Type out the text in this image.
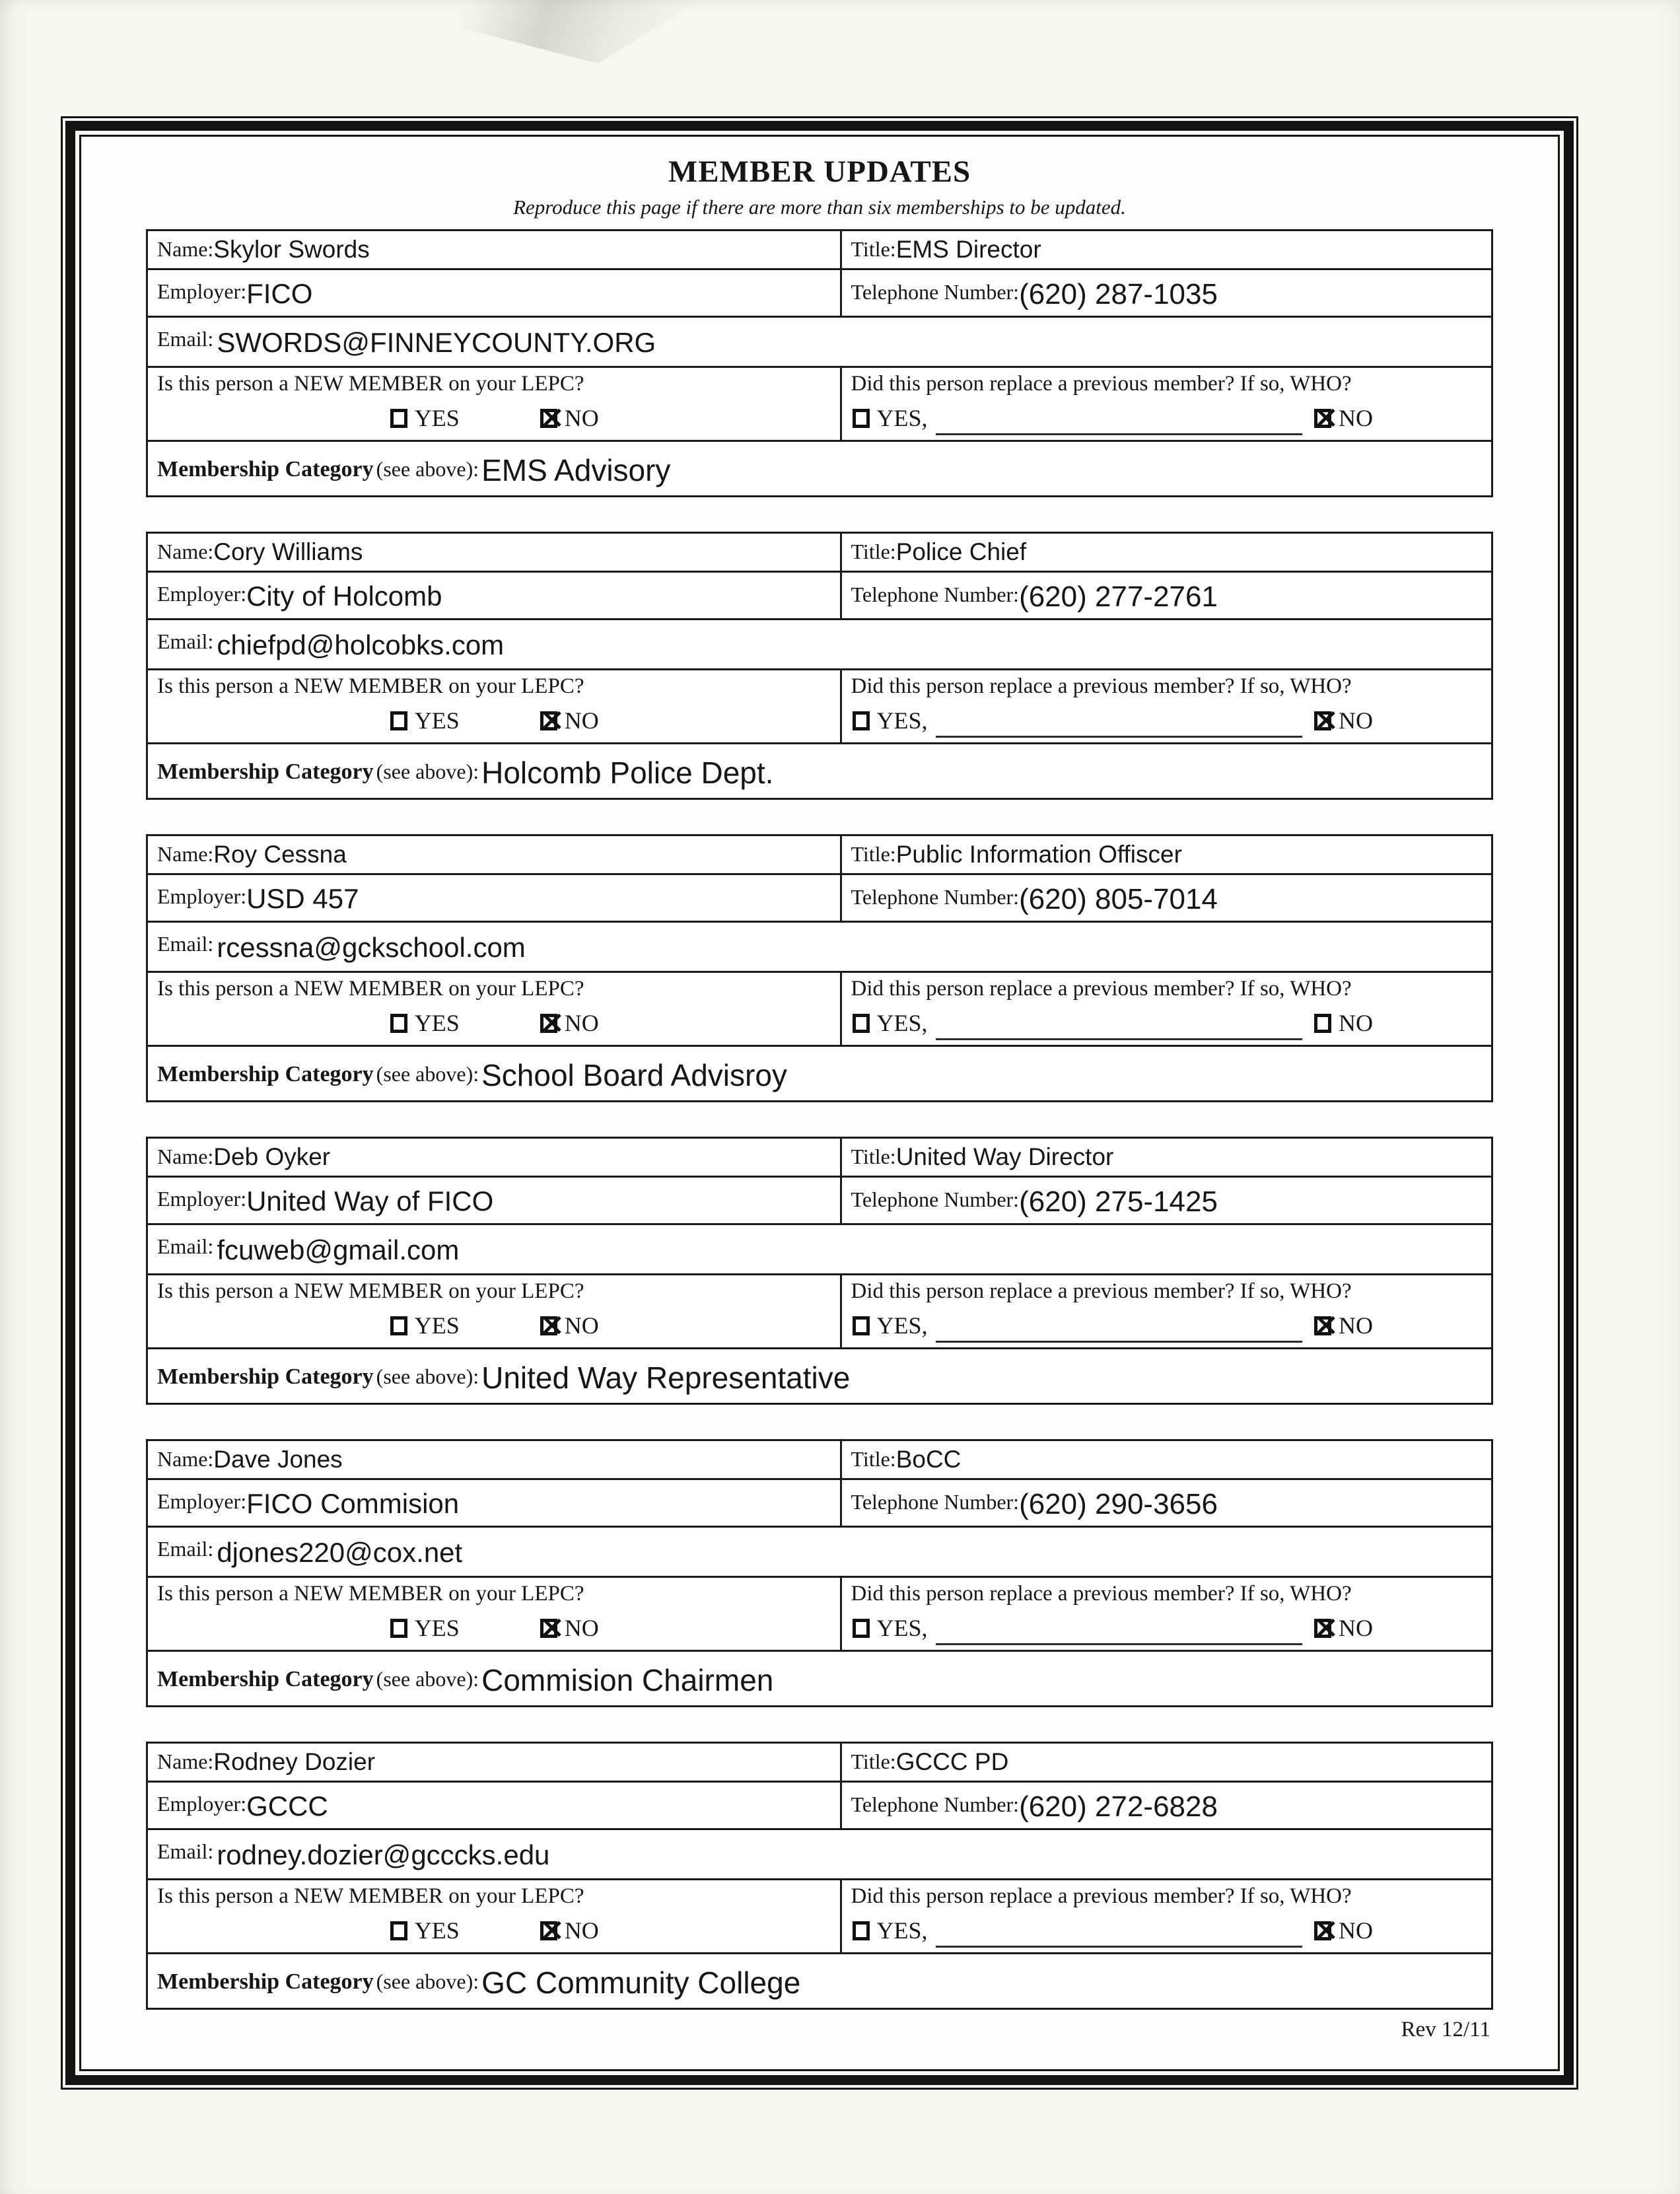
MEMBER UPDATES
Reproduce this page if there are more than six memberships to be updated.
Name:Skylor Swords	Title:EMS Director
Employer:FICO	Telephone Number:(620) 287-1035
Email: SWORDS@FINNEYCOUNTY.ORG
Is this person a NEW MEMBER on your LEPC?
YES	NO
Did this person replace a previous member? If so, WHO?
YES,	NO
Membership Category (see above):EMS Advisory
Name:Cory Williams	Title:Police Chief
Employer:City of Holcomb	Telephone Number:(620) 277-2761
Email: chiefpd@holcobks.com
Is this person a NEW MEMBER on your LEPC?
YES	NO
Did this person replace a previous member? If so, WHO?
YES,	NO
Membership Category (see above):Holcomb Police Dept.
Name:Roy Cessna	Title:Public Information Offiscer
Employer:USD 457	Telephone Number:(620) 805-7014
Email: rcessna@gckschool.com
Is this person a NEW MEMBER on your LEPC?
YES	NO
Did this person replace a previous member? If so, WHO?
YES,	NO
Membership Category (see above):School Board Advisroy
Name:Deb Oyker	Title:United Way Director
Employer:United Way of FICO	Telephone Number:(620) 275-1425
Email: fcuweb@gmail.com
Is this person a NEW MEMBER on your LEPC?
YES	NO
Did this person replace a previous member? If so, WHO?
YES,	NO
Membership Category (see above):United Way Representative
Name:Dave Jones	Title:BoCC
Employer:FICO Commision	Telephone Number:(620) 290-3656
Email: djones220@cox.net
Is this person a NEW MEMBER on your LEPC?
YES	NO
Did this person replace a previous member? If so, WHO?
YES,	NO
Membership Category (see above):Commision Chairmen
Name:Rodney Dozier	Title:GCCC PD
Employer:GCCC	Telephone Number:(620) 272-6828
Email: rodney.dozier@gcccks.edu
Is this person a NEW MEMBER on your LEPC?
YES	NO
Did this person replace a previous member? If so, WHO?
YES,	NO
Membership Category (see above):GC Community College
Rev 12/11
